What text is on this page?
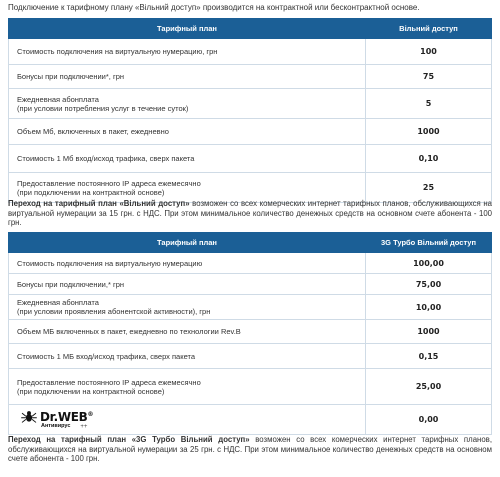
Подключение к тарифному плану «Вільний доступ» производится на контрактной или бесконтрактной основе.
Тарифный план	Вільний доступ
Стоимость подключения на виртуальную нумерацию, грн	100
Бонусы при подключении*, грн	75

Ежедневная абонплата
(при условии потребления услуг в течение суток)	5
Объем Мб, включенных в пакет, ежедневно	1000
Стоимость 1 Мб вход/исход трафика, сверх пакета	0,10

Предоставление постоянного IP адреса ежемесячно
(при подключении на контрактной основе)	25
Переход на тарифный план «Вільний доступ» возможен со всех комерческих интернет тарифных планов, обслуживающихся на виртуальной нумерации за 15 грн. с НДС. При этом минимальное количество денежных средств на основном счете абонента - 100 грн.
Тарифный план	3G Турбо Вільний доступ
Стоимость подключения на виртуальную нумерацию	100,00
Бонусы при подключении,* грн	75,00

Ежедневная абонплата
(при условии проявления абонентской активности), грн	10,00
Объем МБ включенных в пакет, ежедневно по технологии Rev.B	1000
Стоимость 1 МБ вход/исход трафика, сверх пакета	0,15

Предоставление постоянного IP адреса ежемесячно
(при подключении на контрактной основе)	25,00

Dr.WEB®
Антивирус ++	0,00
Переход на тарифный план «3G Турбо Вільний доступ» возможен со всех комерческих интернет тарифных планов, обслуживающихся на виртуальной нумерации за 25 грн. с НДС. При этом минимальное количество денежных средств на основном счете абонента - 100 грн.
